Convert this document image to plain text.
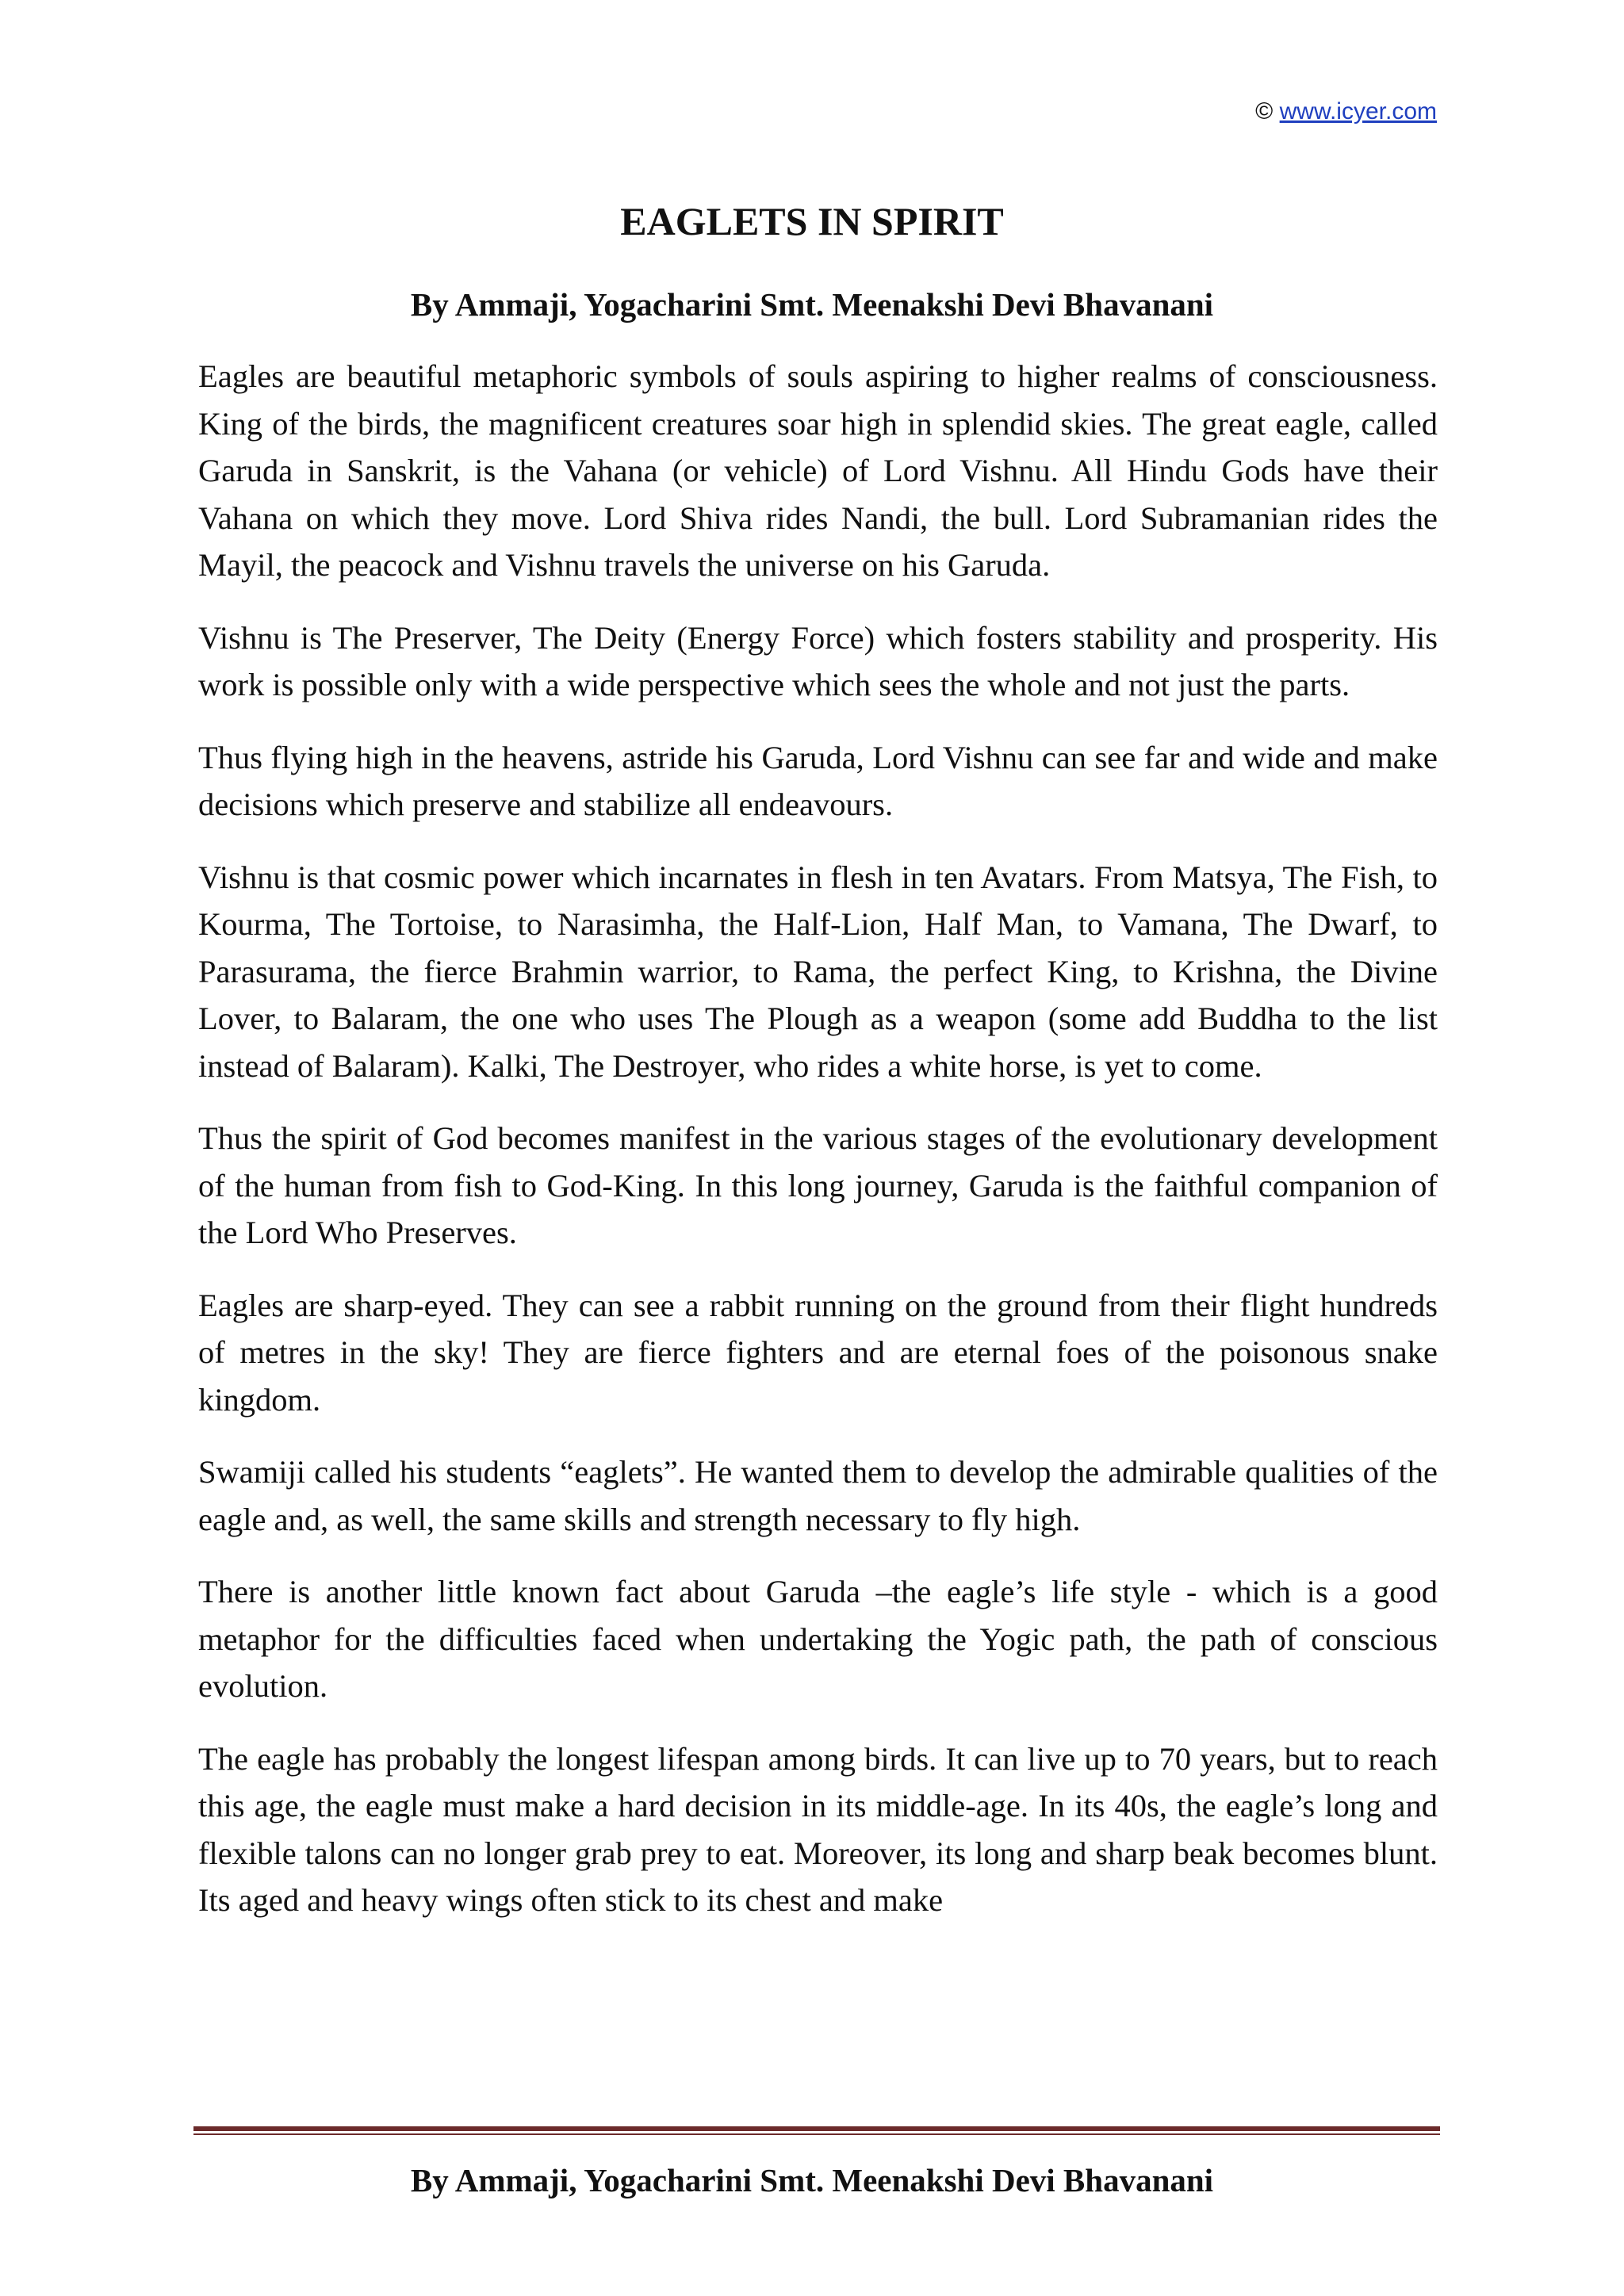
© www.icyer.com
EAGLETS IN SPIRIT
By Ammaji, Yogacharini Smt. Meenakshi Devi Bhavanani

Eagles are beautiful metaphoric symbols of souls aspiring to higher realms of consciousness. King of the birds, the magnificent creatures soar high in splendid skies. The great eagle, called Garuda in Sanskrit, is the Vahana (or vehicle) of Lord Vishnu. All Hindu Gods have their Vahana on which they move. Lord Shiva rides Nandi, the bull. Lord Subramanian rides the Mayil, the peacock and Vishnu travels the universe on his Garuda.

Vishnu is The Preserver, The Deity (Energy Force) which fosters stability and prosperity. His work is possible only with a wide perspective which sees the whole and not just the parts.

Thus flying high in the heavens, astride his Garuda, Lord Vishnu can see far and wide and make decisions which preserve and stabilize all endeavours.

Vishnu is that cosmic power which incarnates in flesh in ten Avatars. From Matsya, The Fish, to Kourma, The Tortoise, to Narasimha, the Half-Lion, Half Man, to Vamana, The Dwarf, to Parasurama, the fierce Brahmin warrior, to Rama, the perfect King, to Krishna, the Divine Lover, to Balaram, the one who uses The Plough as a weapon (some add Buddha to the list instead of Balaram). Kalki, The Destroyer, who rides a white horse, is yet to come.

Thus the spirit of God becomes manifest in the various stages of the evolutionary development of the human from fish to God-King. In this long journey, Garuda is the faithful companion of the Lord Who Preserves.

Eagles are sharp-eyed. They can see a rabbit running on the ground from their flight hundreds of metres in the sky! They are fierce fighters and are eternal foes of the poisonous snake kingdom.

Swamiji called his students “eaglets”. He wanted them to develop the admirable qualities of the eagle and, as well, the same skills and strength necessary to fly high.

There is another little known fact about Garuda –the eagle’s life style - which is a good metaphor for the difficulties faced when undertaking the Yogic path, the path of conscious evolution.

The eagle has probably the longest lifespan among birds. It can live up to 70 years, but to reach this age, the eagle must make a hard decision in its middle-age. In its 40s, the eagle’s long and flexible talons can no longer grab prey to eat. Moreover, its long and sharp beak becomes blunt. Its aged and heavy wings often stick to its chest and make

By Ammaji, Yogacharini Smt. Meenakshi Devi Bhavanani
